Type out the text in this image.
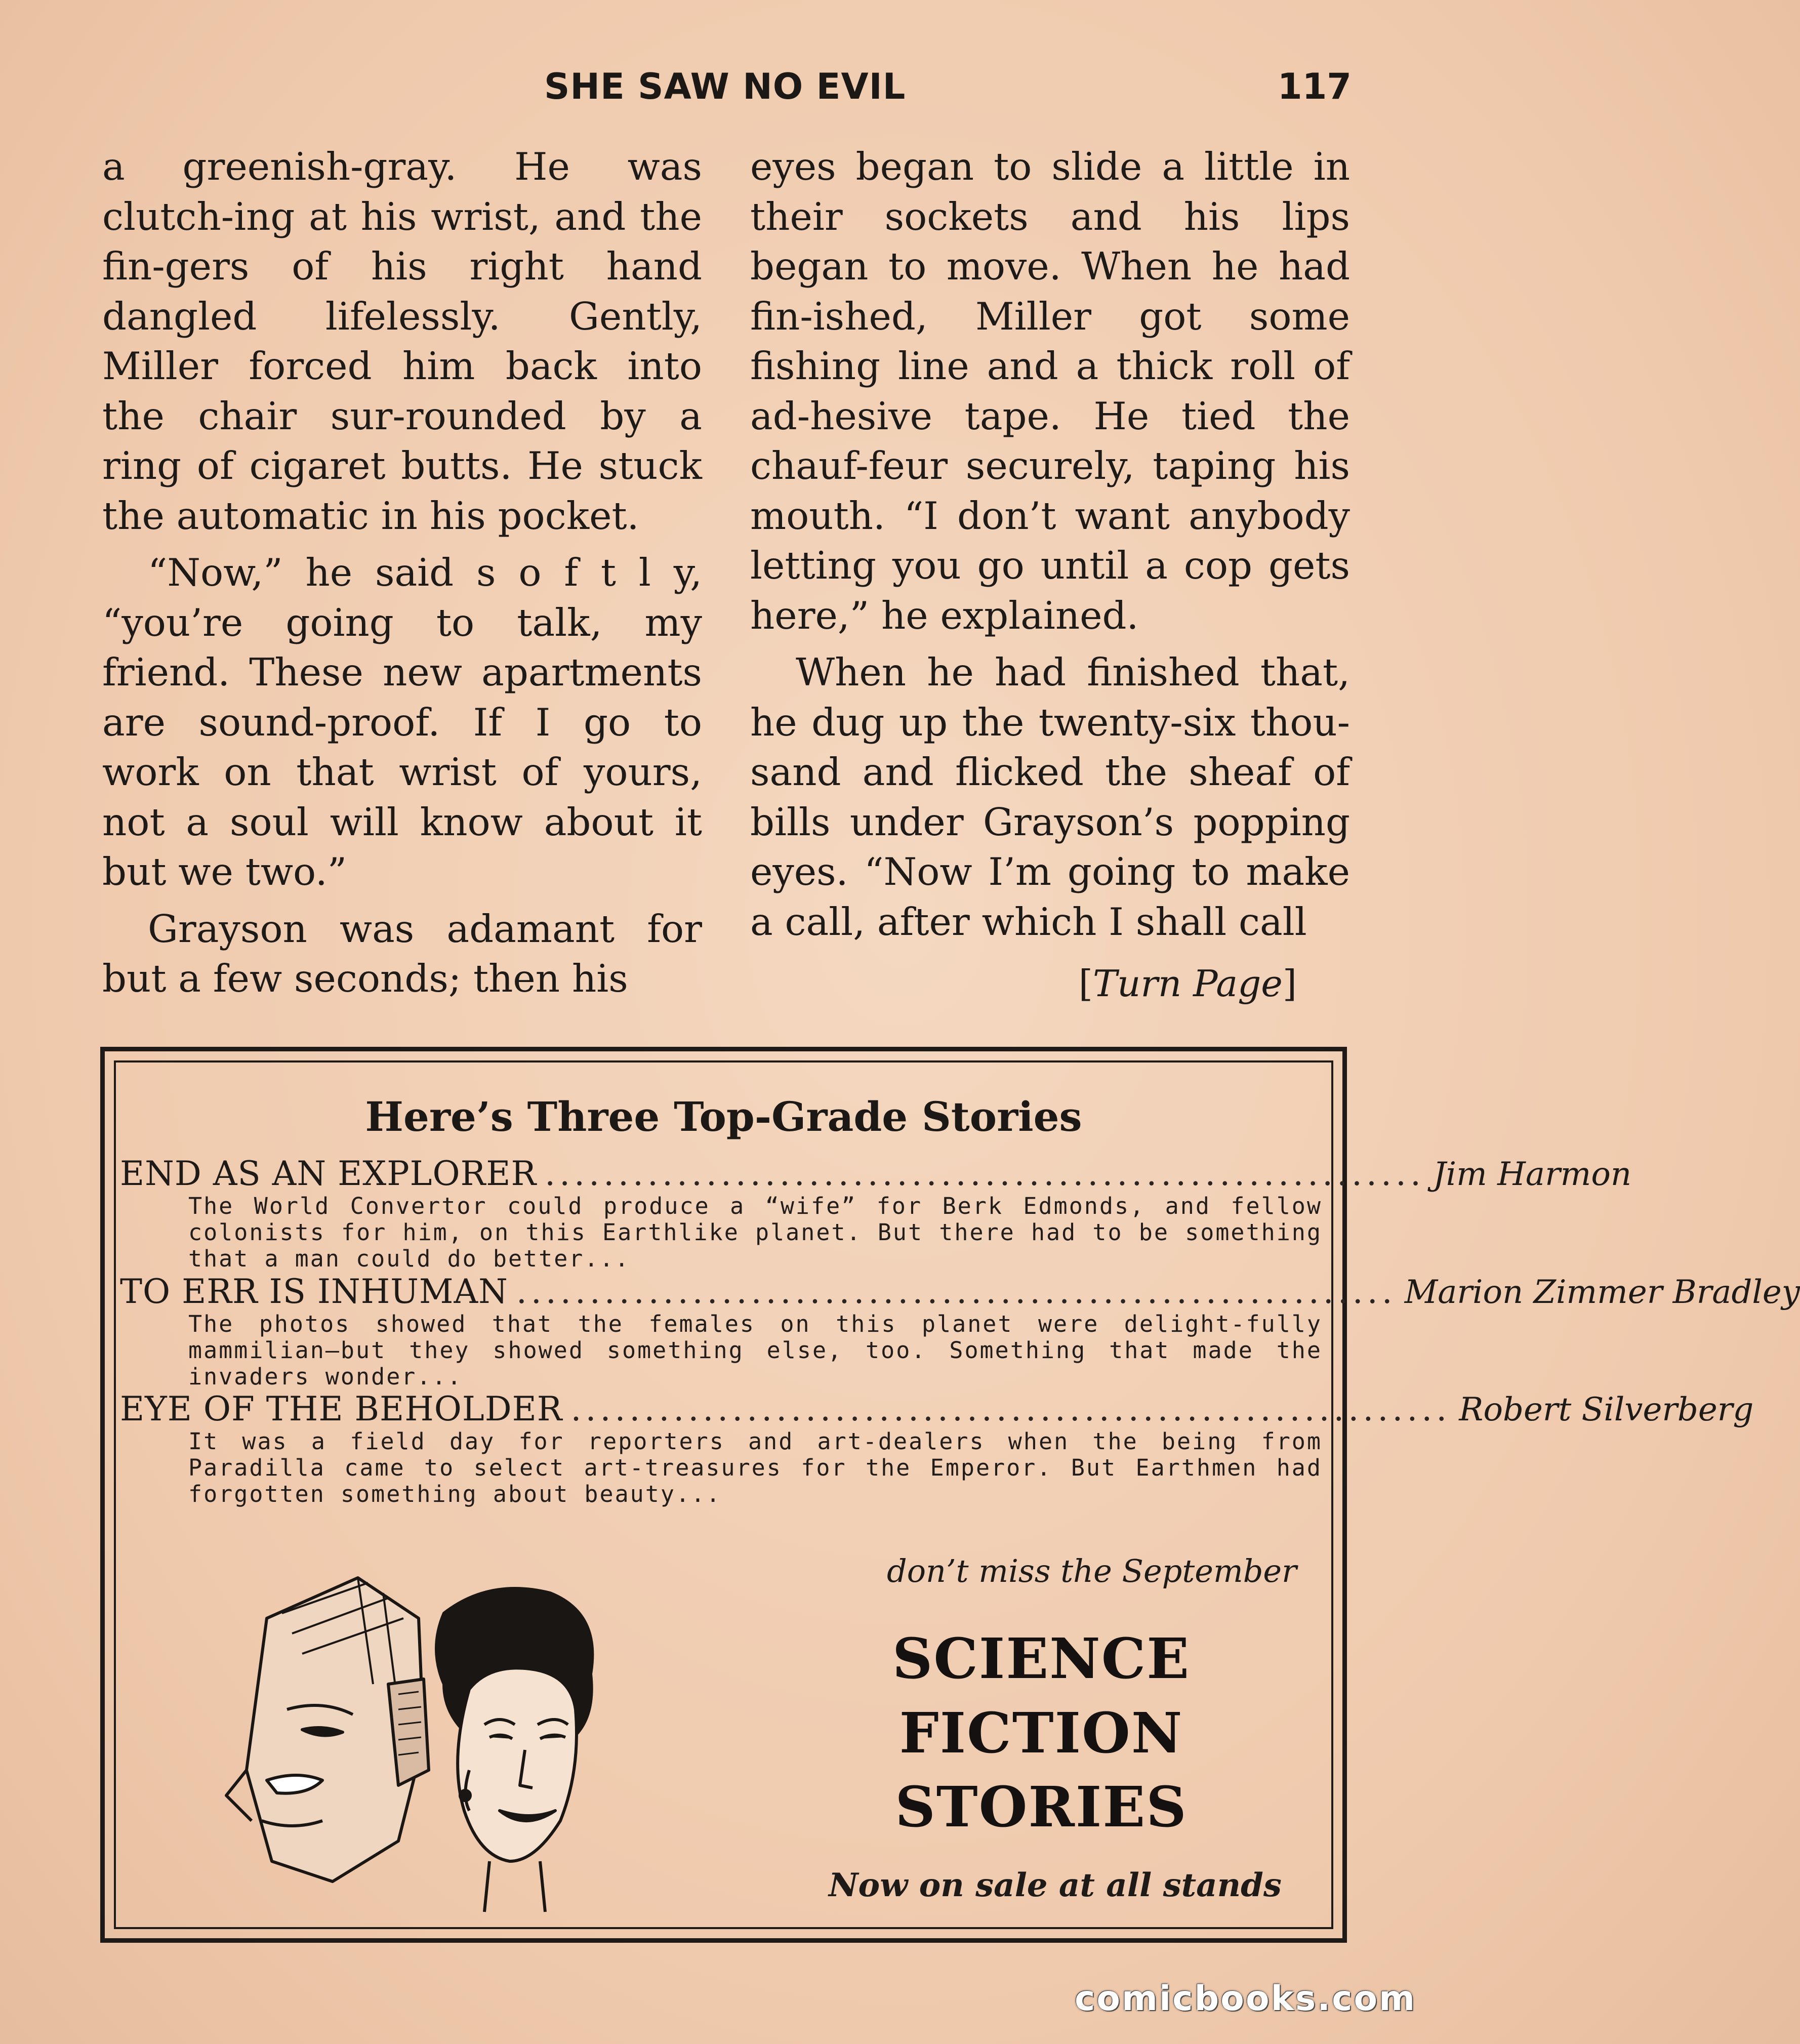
SHE SAW NO EVIL	117

a greenish-gray. He was clutch-ing at his wrist, and the fin-gers of his right hand dangled lifelessly. Gently, Miller forced him back into the chair sur-rounded by a ring of cigaret butts. He stuck the automatic in his pocket.

“Now,” he said s o f t l y, “you’re going to talk, my friend. These new apartments are sound-proof. If I go to work on that wrist of yours, not a soul will know about it but we two.”

Grayson was adamant for but a few seconds; then his

eyes began to slide a little in their sockets and his lips began to move. When he had fin-ished, Miller got some fishing line and a thick roll of ad-hesive tape. He tied the chauf-feur securely, taping his mouth. “I don’t want anybody letting you go until a cop gets here,” he explained.

When he had finished that, he dug up the twenty-six thou-sand and flicked the sheaf of bills under Grayson’s popping eyes. “Now I’m going to make a call, after which I shall call

[Turn Page]
Here’s Three Top-Grade Stories
END AS AN EXPLORER ............................................................ Jim Harmon
The World Convertor could produce a “wife” for Berk Edmonds, and fellow colonists for him, on this Earthlike planet. But there had to be something that a man could do better...
TO ERR IS INHUMAN ............................................................ Marion Zimmer Bradley
The photos showed that the females on this planet were delight-fully mammilian—but they showed something else, too. Something that made the invaders wonder...
EYE OF THE BEHOLDER ............................................................ Robert Silverberg
It was a field day for reporters and art-dealers when the being from Paradilla came to select art-treasures for the Emperor. But Earthmen had forgotten something about beauty...
don’t miss the September
SCIENCE
FICTION
STORIES
Now on sale at all stands
comicbooks.com
